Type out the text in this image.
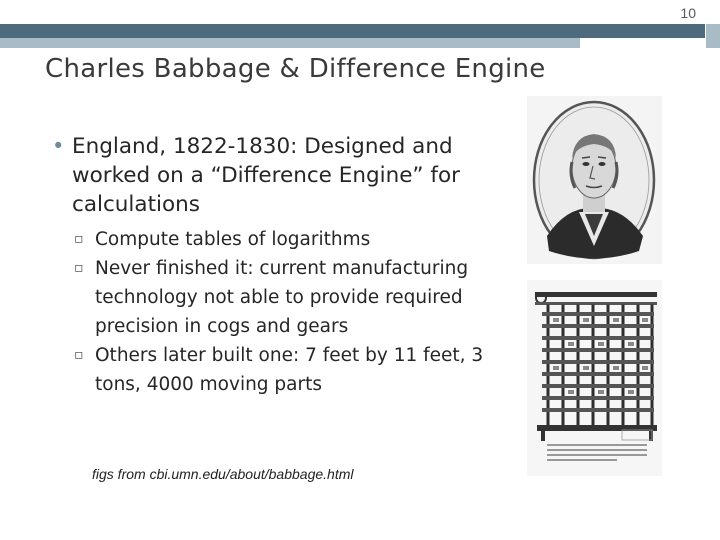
10
Charles Babbage & Difference Engine
• England, 1822-1830: Designed and worked on a “Difference Engine” for calculations
▫ Compute tables of logarithms
▫ Never finished it: current manufacturing technology not able to provide required precision in cogs and gears
▫ Others later built one: 7 feet by 11 feet, 3 tons, 4000 moving parts
figs from cbi.umn.edu/about/babbage.html
